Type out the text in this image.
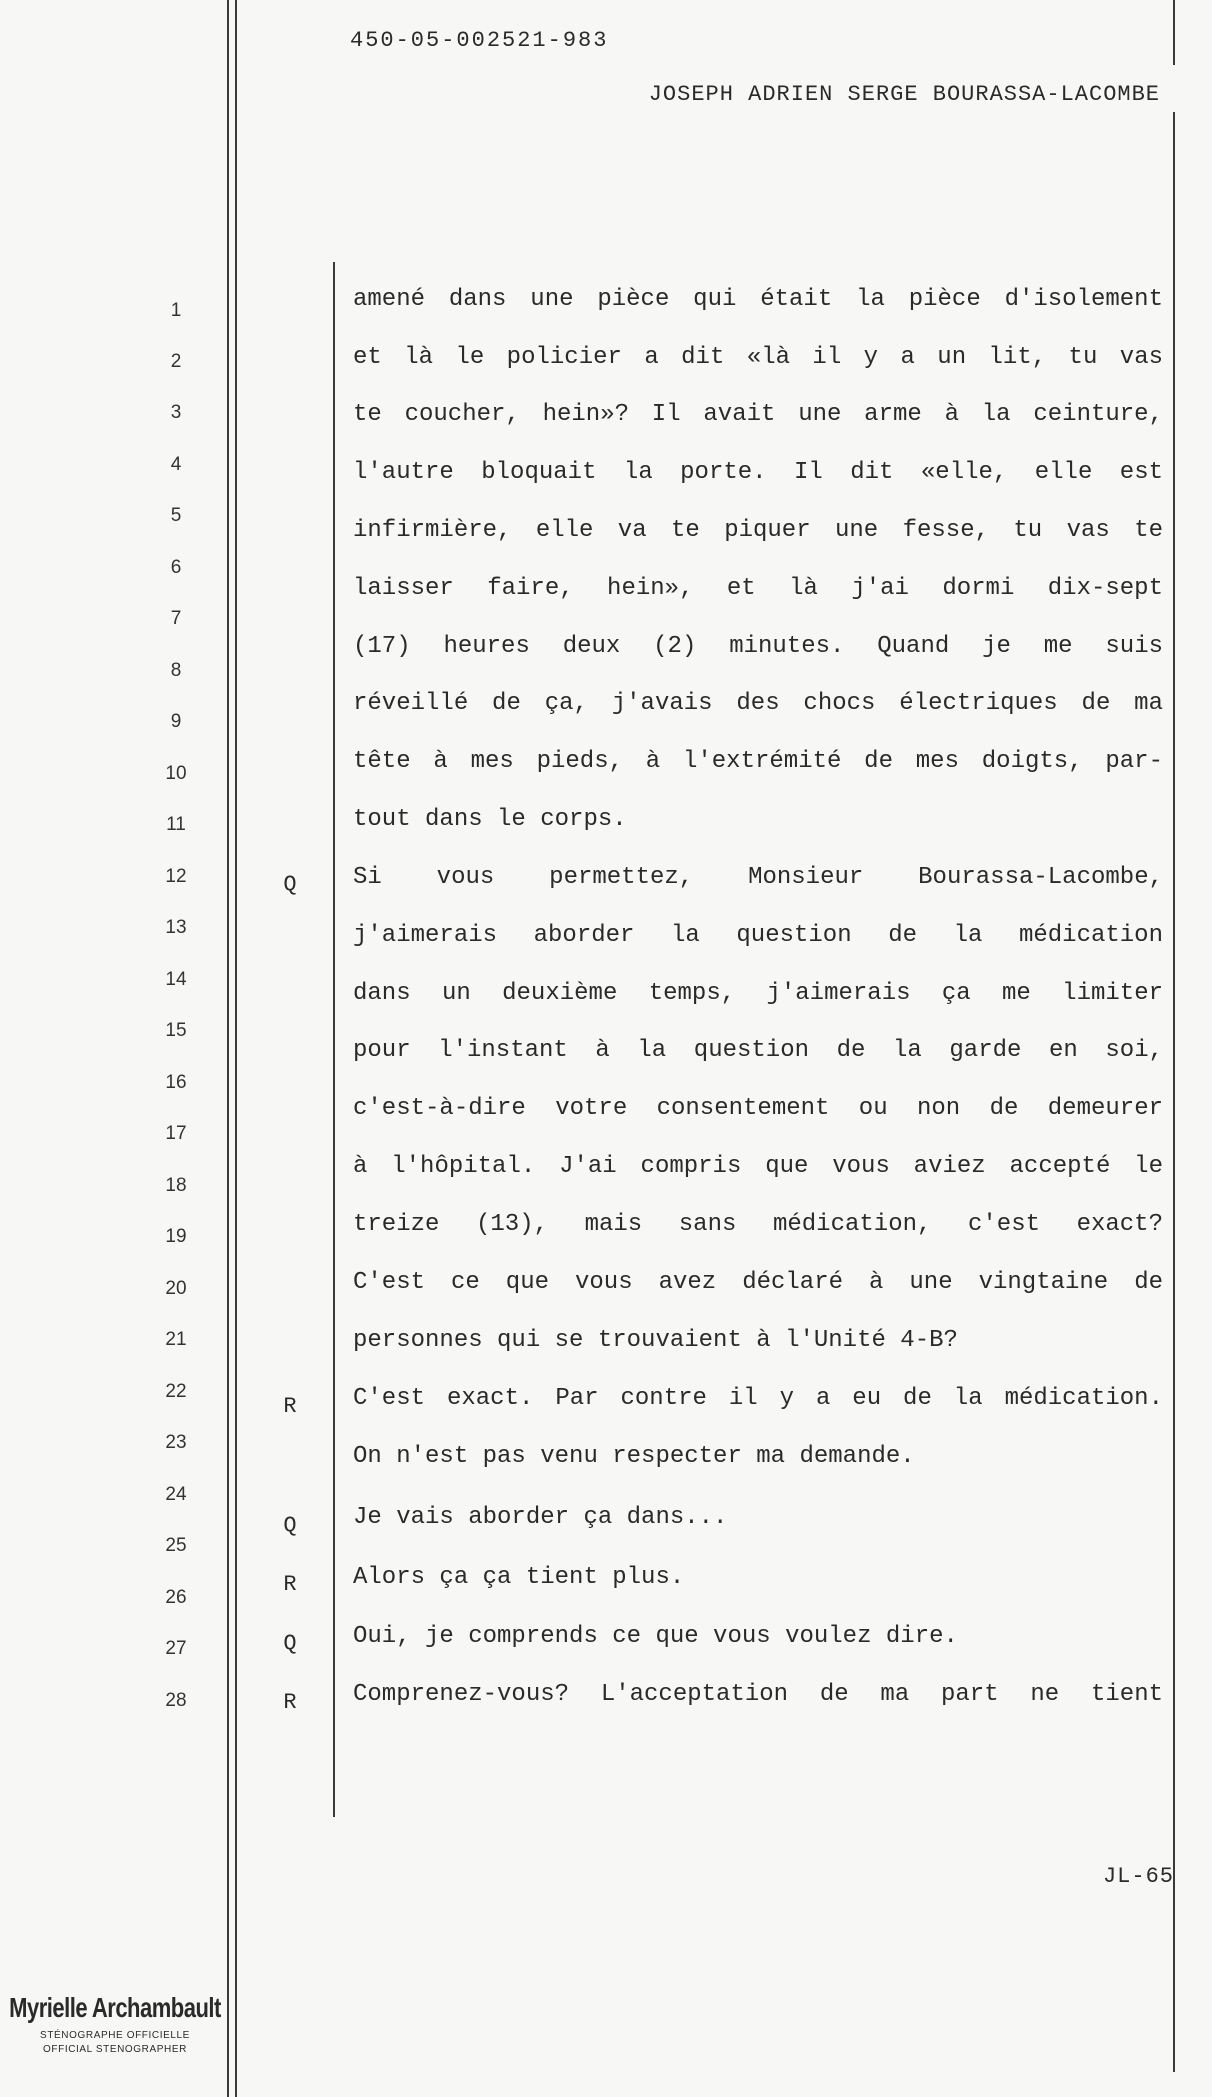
450-05-002521-983
JOSEPH ADRIEN SERGE BOURASSA-LACOMBE
1
2
3
4
5
6
7
8
9
10
11
12
13
14
15
16
17
18
19
20
21
22
23
24
25
26
27
28
Q
R
Q
R
Q
R
amené dans une pièce qui était la pièce d'isolement
et là le policier a dit «là il y a un lit, tu vas
te coucher, hein»? Il avait une arme à la ceinture,
l'autre bloquait la porte. Il dit «elle, elle est
infirmière, elle va te piquer une fesse, tu vas te
laisser faire, hein», et là j'ai dormi dix-sept
(17) heures deux (2) minutes. Quand je me suis
réveillé de ça, j'avais des chocs électriques de ma
tête à mes pieds, à l'extrémité de mes doigts, par-
tout dans le corps.
Si vous permettez, Monsieur Bourassa-Lacombe,
j'aimerais aborder la question de la médication
dans un deuxième temps, j'aimerais ça me limiter
pour l'instant à la question de la garde en soi,
c'est-à-dire votre consentement ou non de demeurer
à l'hôpital. J'ai compris que vous aviez accepté le
treize (13), mais sans médication, c'est exact?
C'est ce que vous avez déclaré à une vingtaine de
personnes qui se trouvaient à l'Unité 4-B?
C'est exact. Par contre il y a eu de la médication.
On n'est pas venu respecter ma demande.
Je vais aborder ça dans...
Alors ça ça tient plus.
Oui, je comprends ce que vous voulez dire.
Comprenez-vous? L'acceptation de ma part ne tient
JL-65
Myrielle Archambault
STÉNOGRAPHE OFFICIELLE
OFFICIAL STENOGRAPHER
